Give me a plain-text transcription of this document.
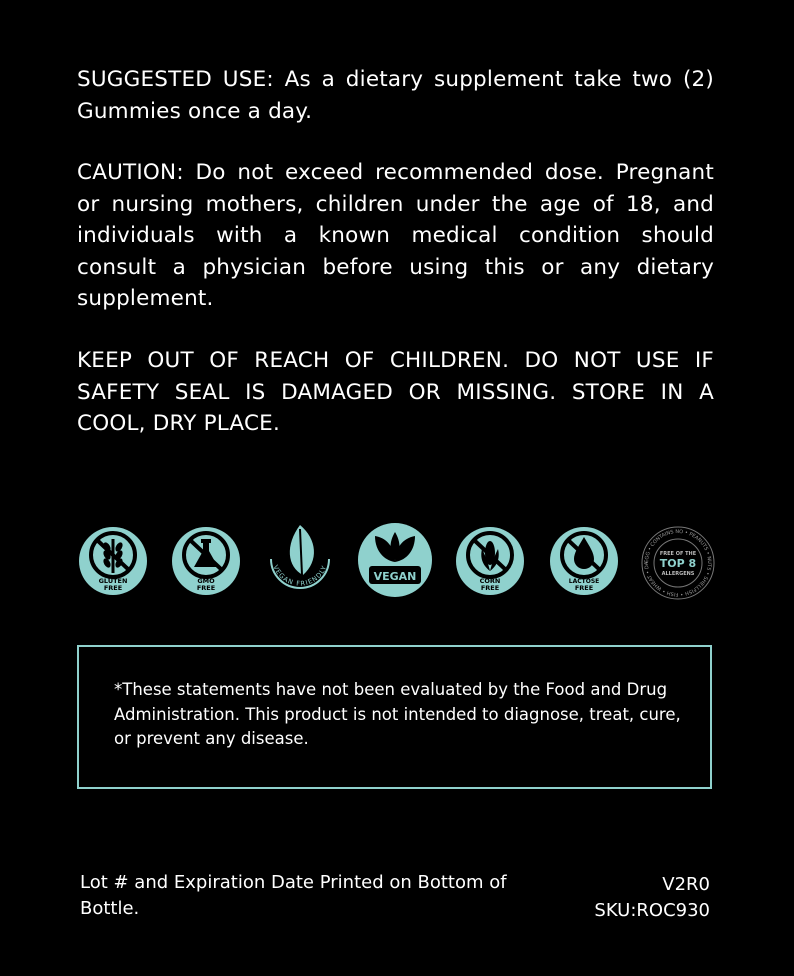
SUGGESTED USE: As a dietary supplement take two (2) Gummies once a day.

CAUTION: Do not exceed recommended dose. Pregnant or nursing mothers, children under the age of 18, and individuals with a known medical condition should consult a physician before using this or any dietary supplement.

KEEP OUT OF REACH OF CHILDREN. DO NOT USE IF SAFETY SEAL IS DAMAGED OR MISSING. STORE IN A COOL, DRY PLACE.

GLUTEN
FREE
GMO
FREE
VEGAN FRIENDLY
VEGAN	CORN
FREE
LACTOSE
FREE
EGG • CONTAINS NO • PEANUTS • NUTS • SHELLFISH • FISH • WHEAT • DA
FREE OF THE
TOP 8
ALLERGENS

*These statements have not been evaluated by the Food and Drug Administration. This product is not intended to diagnose, treat, cure, or prevent any disease.

Lot # and Expiration Date Printed on Bottom of Bottle.
V2R0
SKU:ROC930
